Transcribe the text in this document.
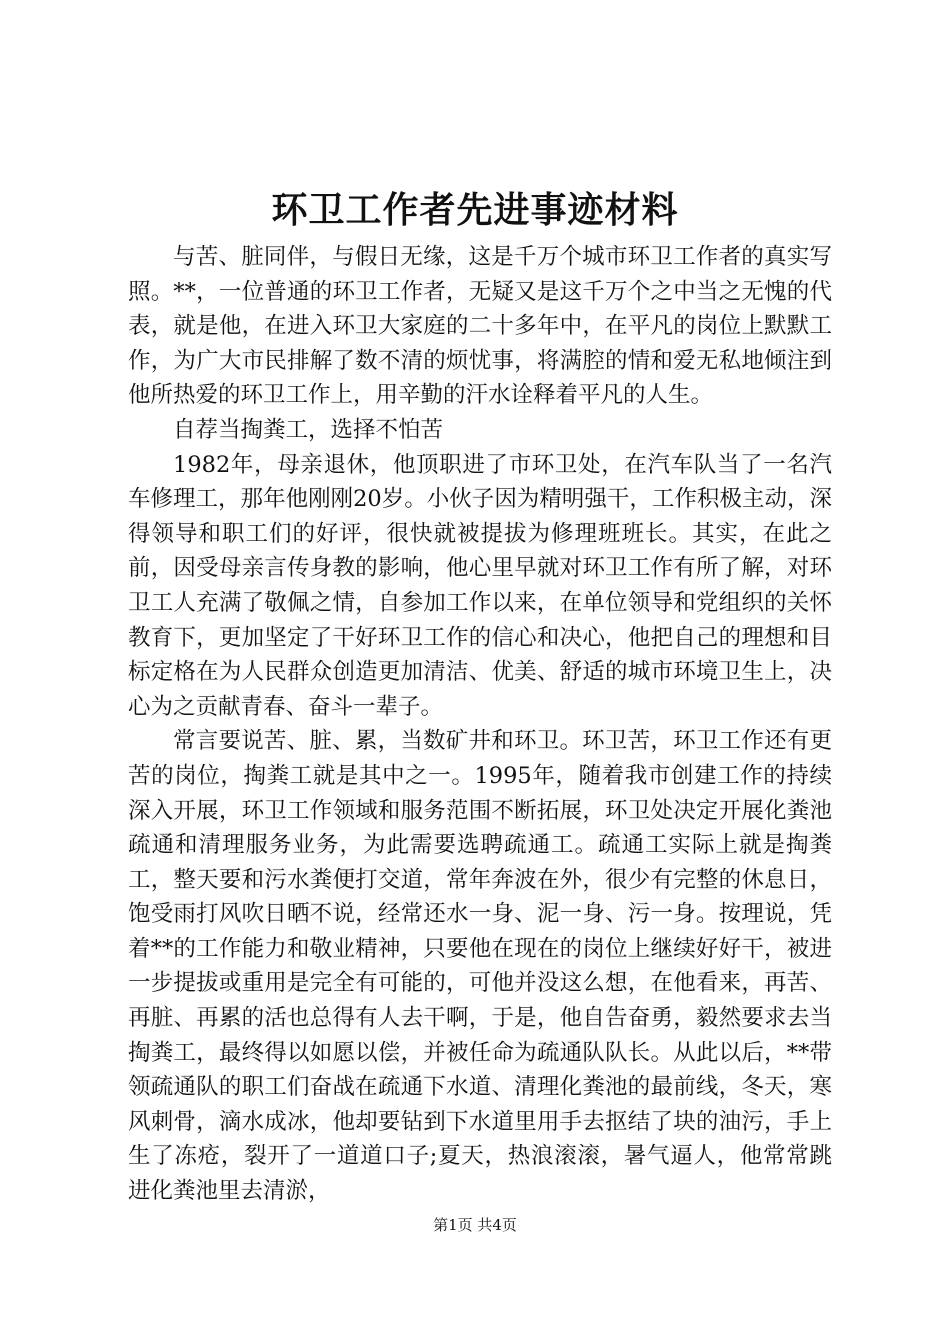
环卫工作者先进事迹材料

与苦、脏同伴，与假日无缘，这是千万个城市环卫工作者的真实写照。**，一位普通的环卫工作者，无疑又是这千万个之中当之无愧的代表，就是他，在进入环卫大家庭的二十多年中，在平凡的岗位上默默工作，为广大市民排解了数不清的烦忧事，将满腔的情和爱无私地倾注到他所热爱的环卫工作上，用辛勤的汗水诠释着平凡的人生。

自荐当掏粪工，选择不怕苦

1982年，母亲退休，他顶职进了市环卫处，在汽车队当了一名汽车修理工，那年他刚刚20岁。小伙子因为精明强干，工作积极主动，深得领导和职工们的好评，很快就被提拔为修理班班长。其实，在此之前，因受母亲言传身教的影响，他心里早就对环卫工作有所了解，对环卫工人充满了敬佩之情，自参加工作以来，在单位领导和党组织的关怀教育下，更加坚定了干好环卫工作的信心和决心，他把自己的理想和目标定格在为人民群众创造更加清洁、优美、舒适的城市环境卫生上，决心为之贡献青春、奋斗一辈子。

常言要说苦、脏、累，当数矿井和环卫。环卫苦，环卫工作还有更苦的岗位，掏粪工就是其中之一。1995年，随着我市创建工作的持续深入开展，环卫工作领域和服务范围不断拓展，环卫处决定开展化粪池疏通和清理服务业务，为此需要选聘疏通工。疏通工实际上就是掏粪工，整天要和污水粪便打交道，常年奔波在外，很少有完整的休息日，饱受雨打风吹日晒不说，经常还水一身、泥一身、污一身。按理说，凭着**的工作能力和敬业精神，只要他在现在的岗位上继续好好干，被进一步提拔或重用是完全有可能的，可他并没这么想，在他看来，再苦、再脏、再累的活也总得有人去干啊，于是，他自告奋勇，毅然要求去当掏粪工，最终得以如愿以偿，并被任命为疏通队队长。从此以后，**带领疏通队的职工们奋战在疏通下水道、清理化粪池的最前线，冬天，寒风刺骨，滴水成冰，他却要钻到下水道里用手去抠结了块的油污，手上生了冻疮，裂开了一道道口子;夏天，热浪滚滚，暑气逼人，他常常跳进化粪池里去清淤，

第1页 共4页
